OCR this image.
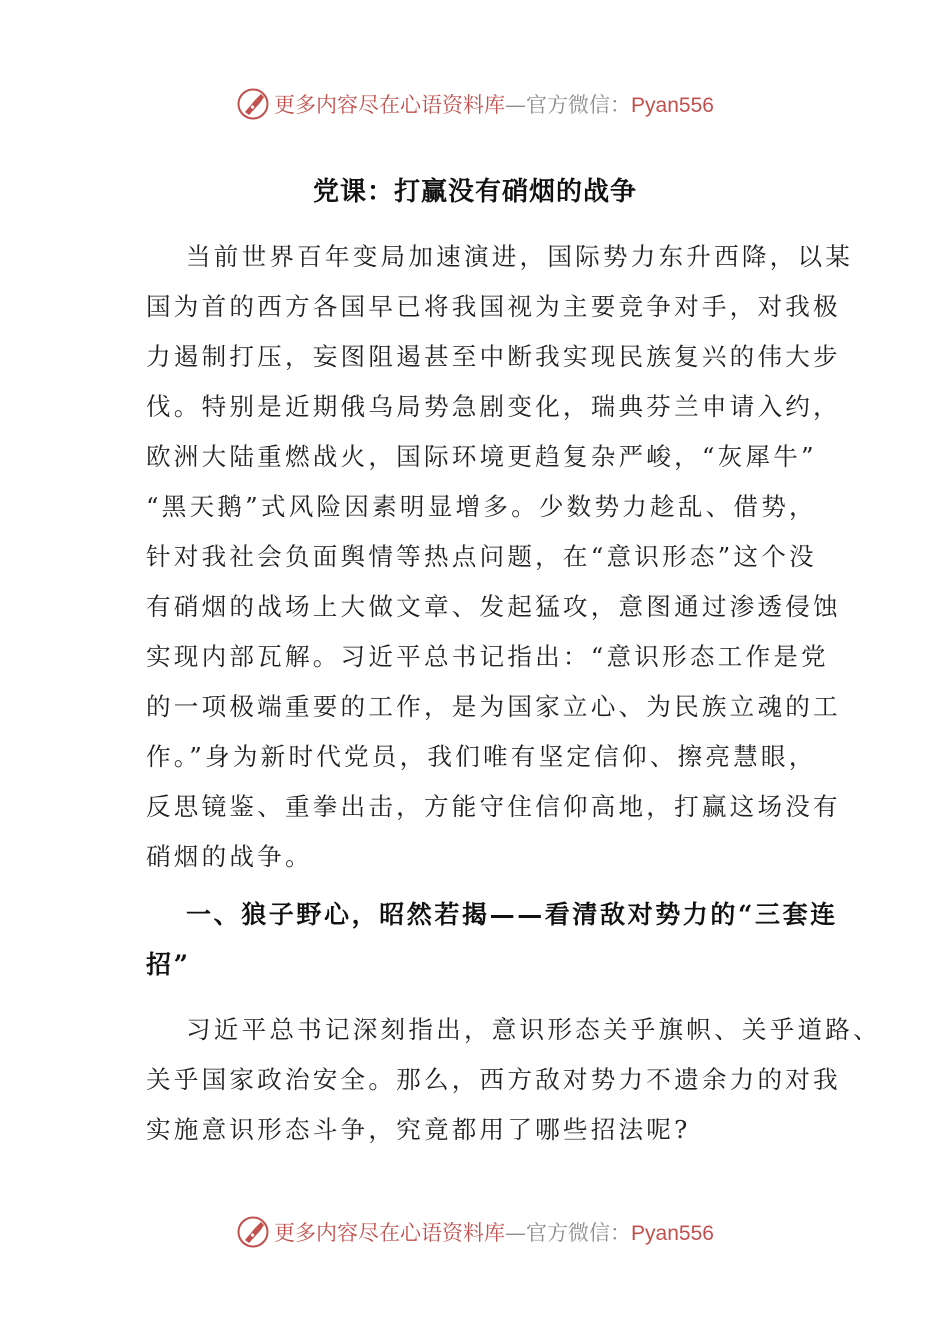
更多内容尽在心语资料库—官方微信：Pyan556
党课：打赢没有硝烟的战争

当前世界百年变局加速演进，国际势力东升西降，以某
国为首的西方各国早已将我国视为主要竞争对手，对我极
力遏制打压，妄图阻遏甚至中断我实现民族复兴的伟大步
伐。特别是近期俄乌局势急剧变化，瑞典芬兰申请入约，
欧洲大陆重燃战火，国际环境更趋复杂严峻，“灰犀牛”
“黑天鹅”式风险因素明显增多。少数势力趁乱、借势，
针对我社会负面舆情等热点问题，在“意识形态”这个没
有硝烟的战场上大做文章、发起猛攻，意图通过渗透侵蚀
实现内部瓦解。习近平总书记指出：“意识形态工作是党
的一项极端重要的工作，是为国家立心、为民族立魂的工
作。”身为新时代党员，我们唯有坚定信仰、擦亮慧眼，
反思镜鉴、重拳出击，方能守住信仰高地，打赢这场没有
硝烟的战争。

一、狼子野心，昭然若揭——看清敌对势力的“三套连
招”

习近平总书记深刻指出，意识形态关乎旗帜、关乎道路、
关乎国家政治安全。那么，西方敌对势力不遗余力的对我
实施意识形态斗争，究竟都用了哪些招法呢?

更多内容尽在心语资料库—官方微信：Pyan556
